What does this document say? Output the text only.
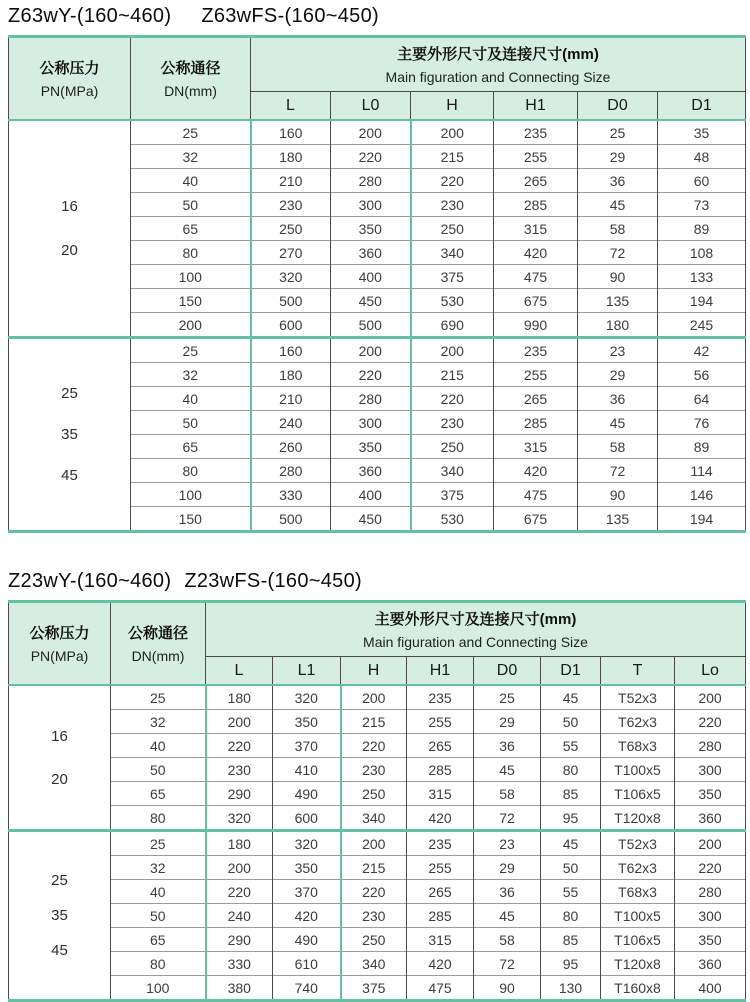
Z63wY-(160~460) Z63wFS-(160~450)
公称压力
PN(MPa)

公称通径
DN(mm)

主要外形尺寸及连接尺寸(mm)
Main figuration and Connecting Size

		L	L0	H	H1	D0	D1

16
20	25	160	200	200	235	25	35
	32	180	220	215	255	29	48
	40	210	280	220	265	36	60
	50	230	300	230	285	45	73
	65	250	350	250	315	58	89
	80	270	360	340	420	72	108
	100	320	400	375	475	90	133
	150	500	450	530	675	135	194
	200	600	500	690	990	180	245

25
35
45	25	160	200	200	235	23	42
	32	180	220	215	255	29	56
	40	210	280	220	265	36	64
	50	240	300	230	285	45	76
	65	260	350	250	315	58	89
	80	280	360	340	420	72	114
	100	330	400	375	475	90	146
	150	500	450	530	675	135	194
Z23wY-(160~460) Z23wFS-(160~450)
公称压力
PN(MPa)

公称通径
DN(mm)

主要外形尺寸及连接尺寸(mm)
Main figuration and Connecting Size

		L	L1	H	H1	D0	D1	T	Lo

16
20	25	180	320	200	235	25	45	T52x3	200
	32	200	350	215	255	29	50	T62x3	220
	40	220	370	220	265	36	55	T68x3	280
	50	230	410	230	285	45	80	T100x5	300
	65	290	490	250	315	58	85	T106x5	350
	80	320	600	340	420	72	95	T120x8	360

25
35
45	25	180	320	200	235	23	45	T52x3	200
	32	200	350	215	255	29	50	T62x3	220
	40	220	370	220	265	36	55	T68x3	280
	50	240	420	230	285	45	80	T100x5	300
	65	290	490	250	315	58	85	T106x5	350
	80	330	610	340	420	72	95	T120x8	360
	100	380	740	375	475	90	130	T160x8	400
